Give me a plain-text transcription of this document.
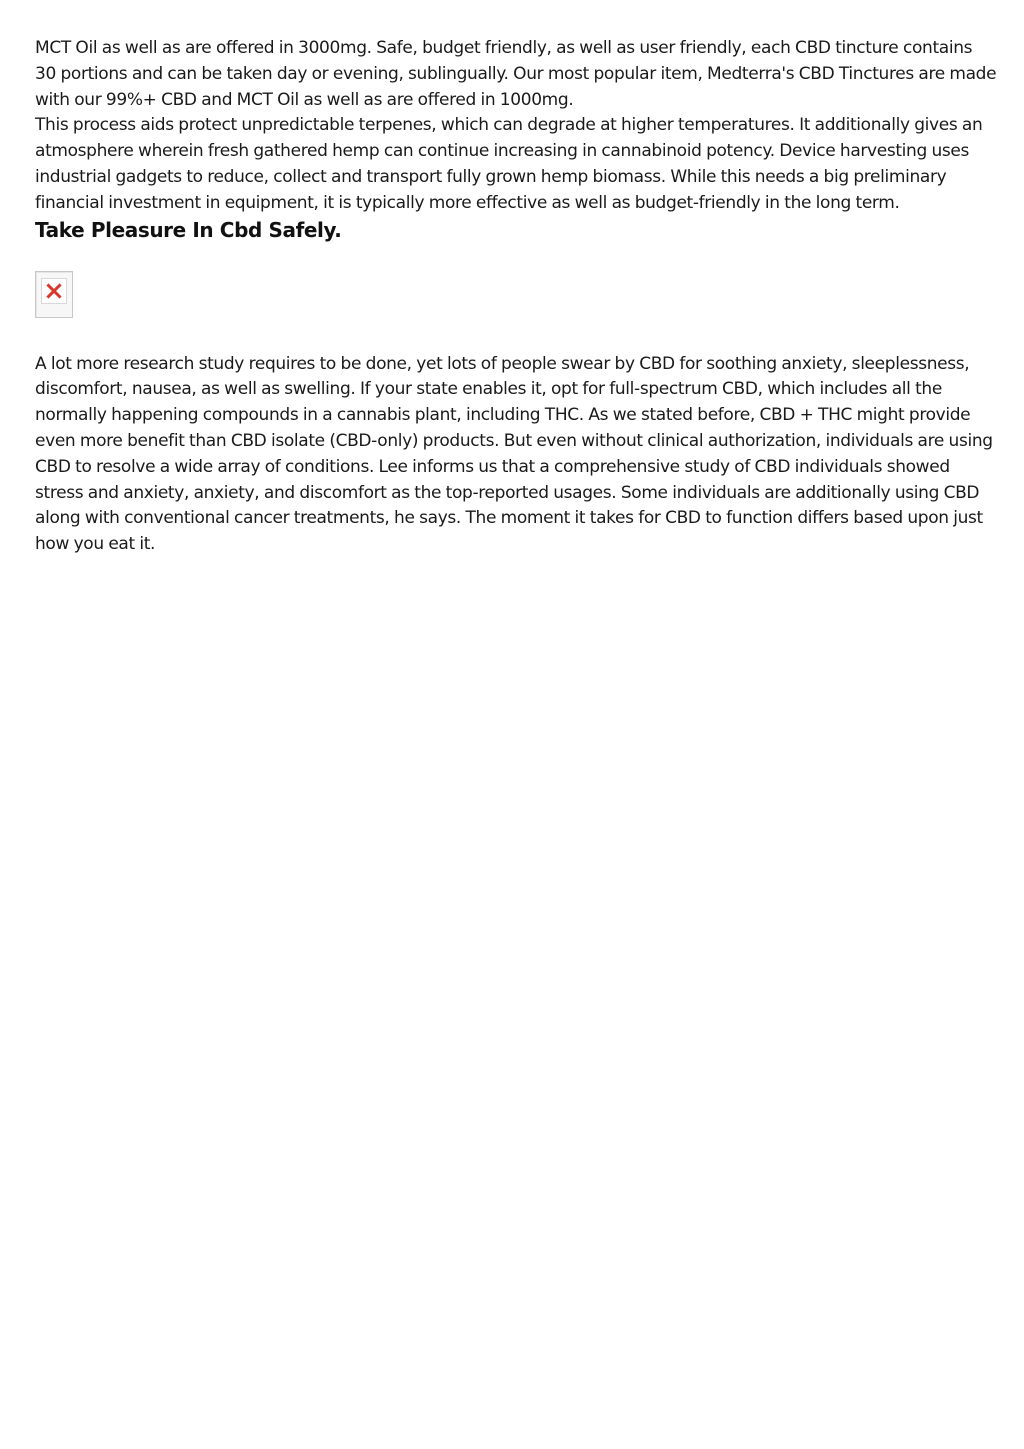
MCT Oil as well as are offered in 3000mg. Safe, budget friendly, as well as user friendly, each CBD tincture contains 30 portions and can be taken day or evening, sublingually. Our most popular item, Medterra's CBD Tinctures are made with our 99%+ CBD and MCT Oil as well as are offered in 1000mg.

This process aids protect unpredictable terpenes, which can degrade at higher temperatures. It additionally gives an atmosphere wherein fresh gathered hemp can continue increasing in cannabinoid potency. Device harvesting uses industrial gadgets to reduce, collect and transport fully grown hemp biomass. While this needs a big preliminary financial investment in equipment, it is typically more effective as well as budget-friendly in the long term.

Take Pleasure In Cbd Safely.

A lot more research study requires to be done, yet lots of people swear by CBD for soothing anxiety, sleeplessness, discomfort, nausea, as well as swelling. If your state enables it, opt for full-spectrum CBD, which includes all the normally happening compounds in a cannabis plant, including THC. As we stated before, CBD + THC might provide even more benefit than CBD isolate (CBD-only) products. But even without clinical authorization, individuals are using CBD to resolve a wide array of conditions. Lee informs us that a comprehensive study of CBD individuals showed stress and anxiety, anxiety, and discomfort as the top-reported usages. Some individuals are additionally using CBD along with conventional cancer treatments, he says. The moment it takes for CBD to function differs based upon just how you eat it.
